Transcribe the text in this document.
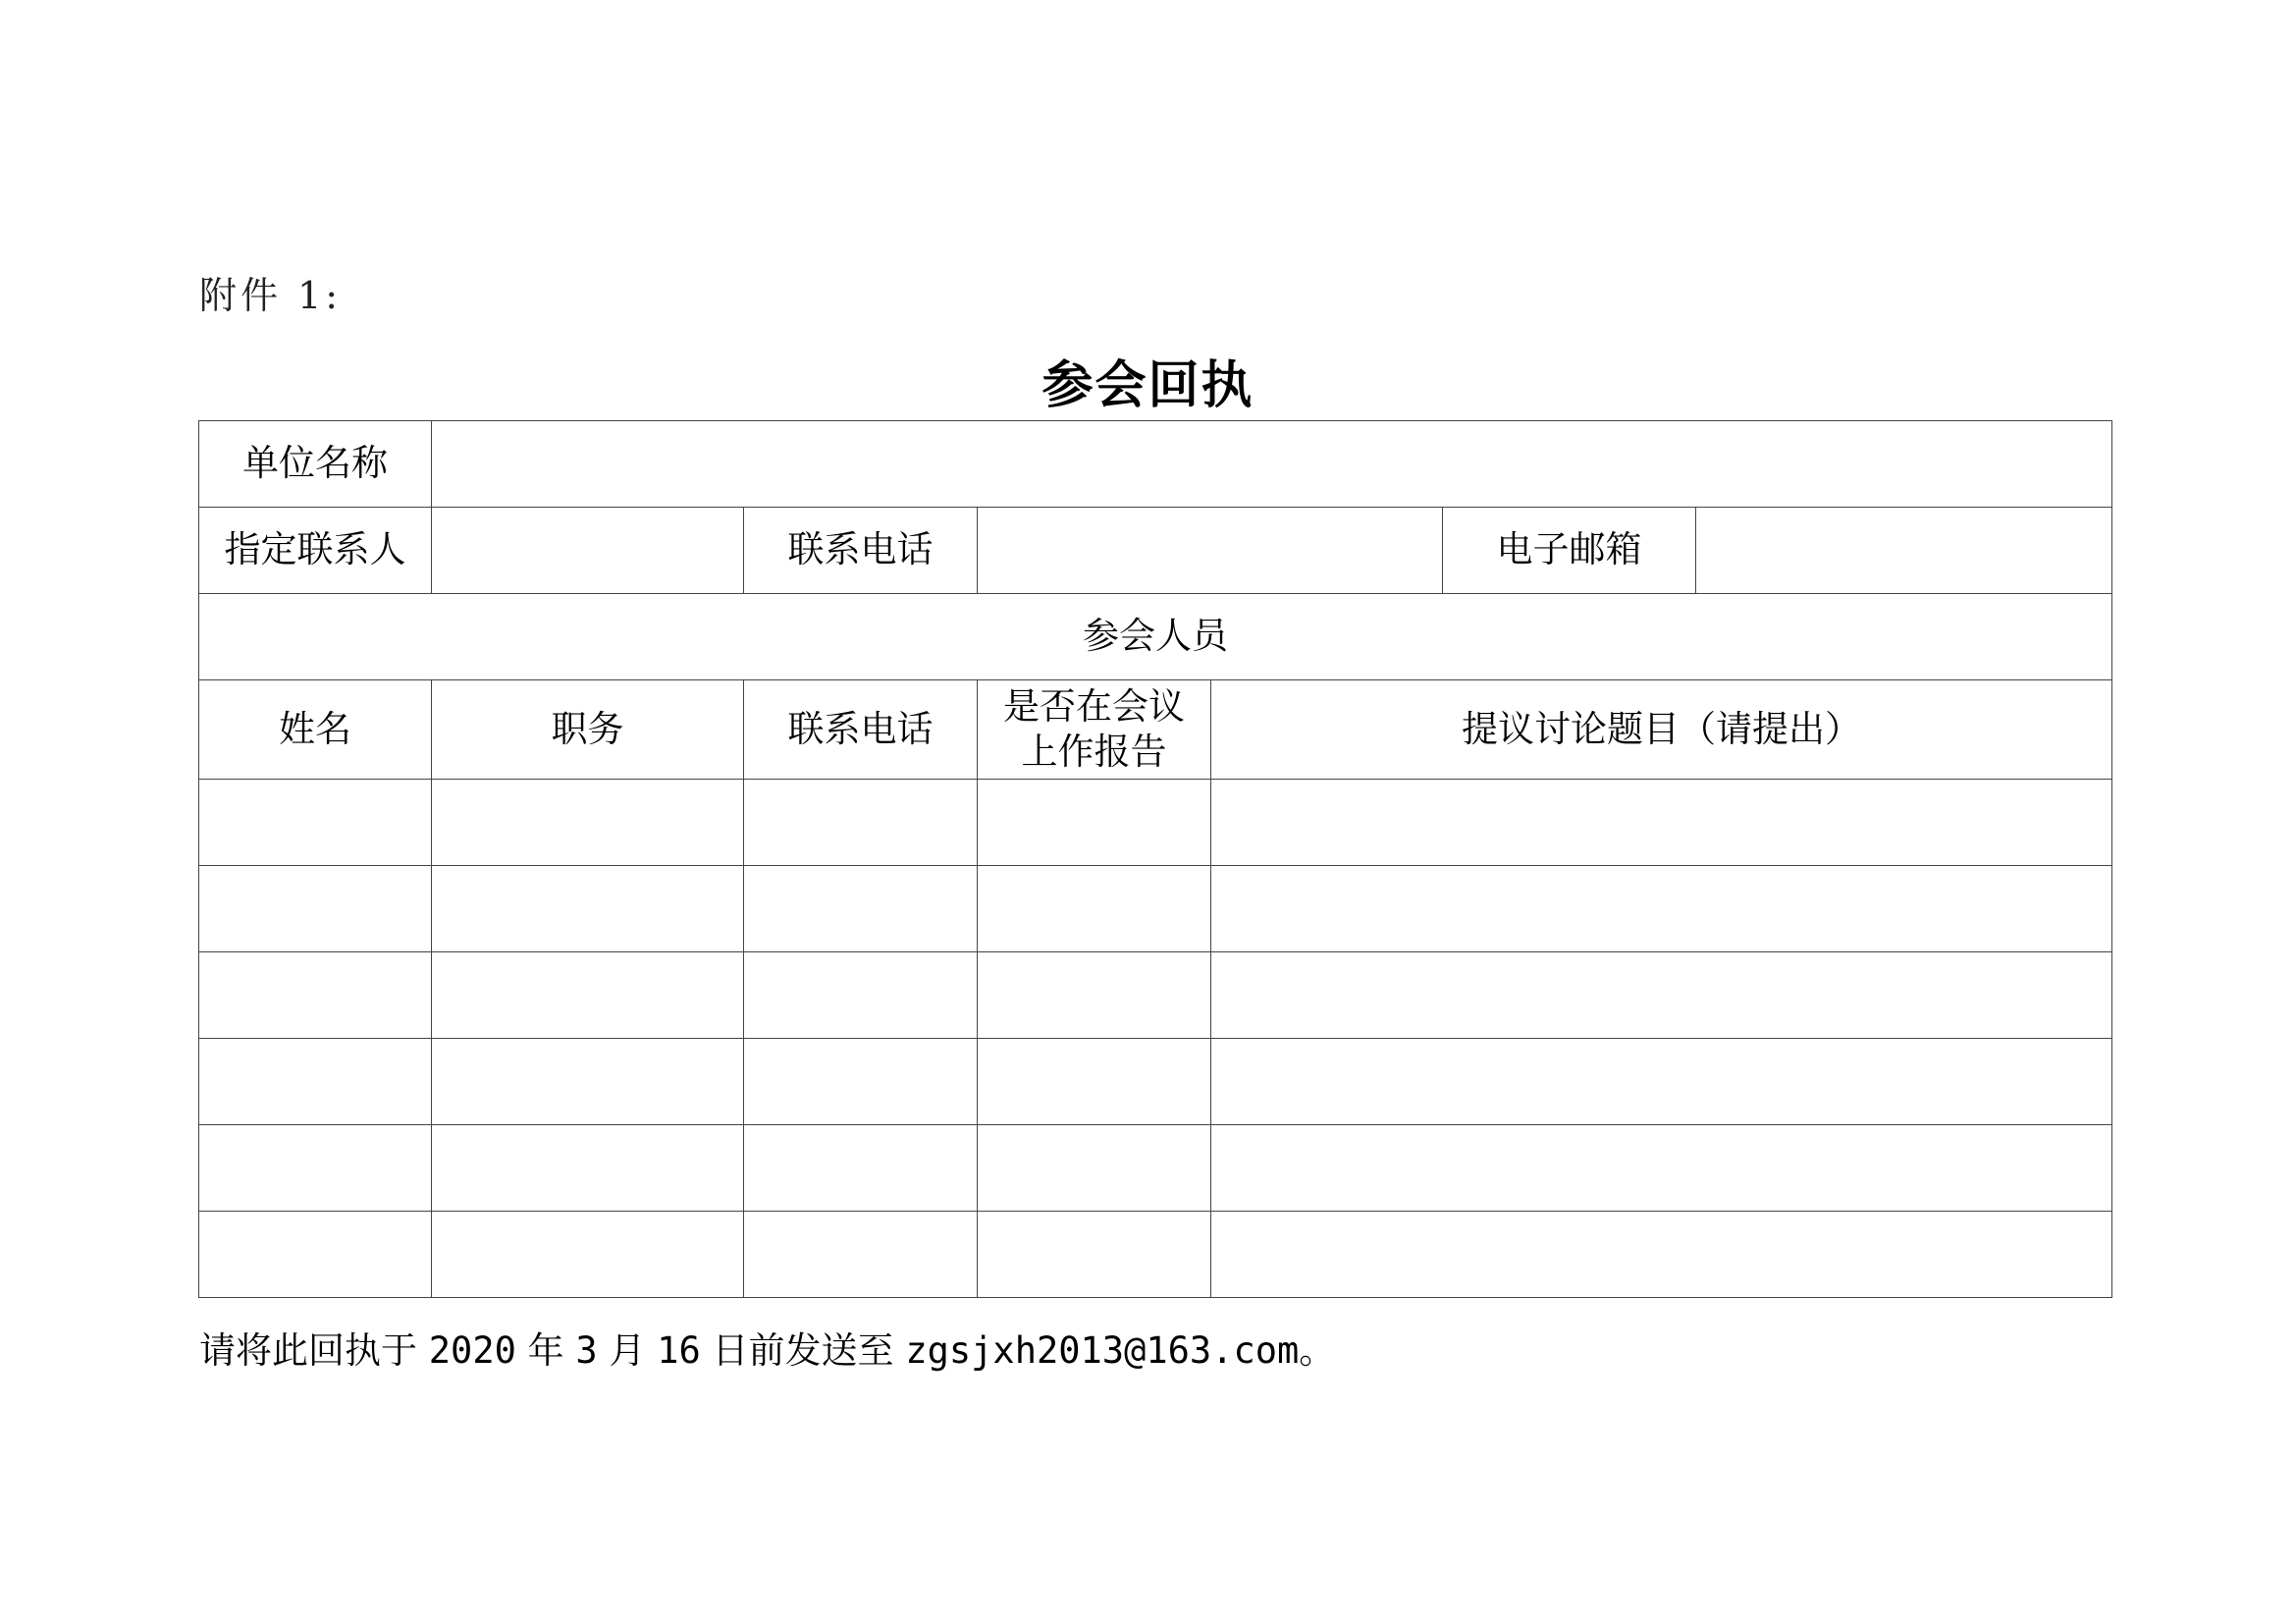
附件 1:
参会回执
单位名称						
指定联系人		联系电话			电子邮箱	
参会人员						
姓名	职务	联系电话	是否在会议上作报告	提议讨论题目（请提出）		

请将此回执于 2020 年 3 月 16 日前发送至 zgsjxh2013@163.com。
